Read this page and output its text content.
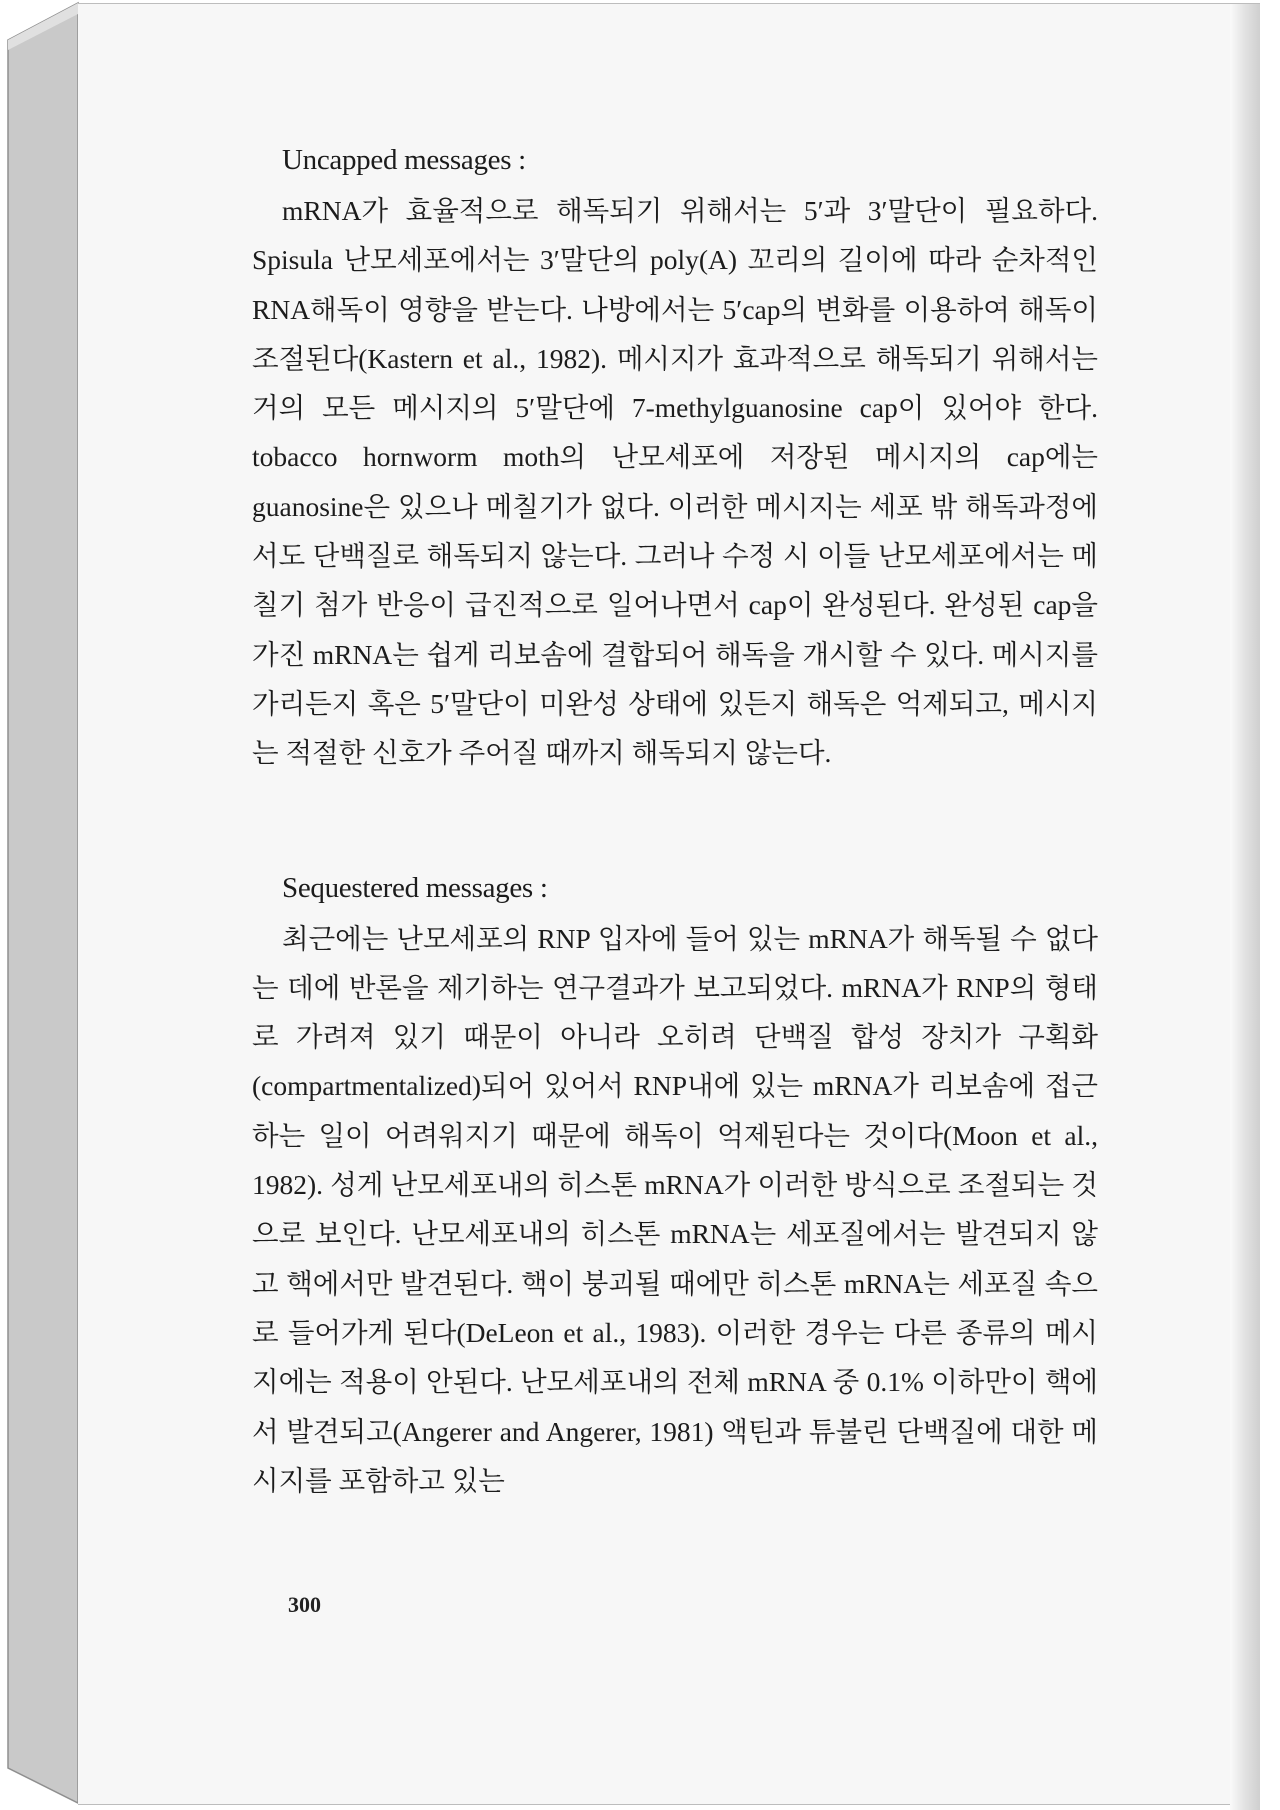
Uncapped messages :

mRNA가 효율적으로 해독되기 위해서는 5′과 3′말단이 필요하다. Spisula 난모세포에서는 3′말단의 poly(A) 꼬리의 길이에 따라 순차적인 RNA해독이 영향을 받는다. 나방에서는 5′cap의 변화를 이용하여 해독이 조절된다(Kastern et al., 1982). 메시지가 효과적으로 해독되기 위해서는 거의 모든 메시지의 5′말단에 7-methylguanosine cap이 있어야 한다. tobacco hornworm moth의 난모세포에 저장된 메시지의 cap에는 guanosine은 있으나 메칠기가 없다. 이러한 메시지는 세포 밖 해독과정에서도 단백질로 해독되지 않는다. 그러나 수정 시 이들 난모세포에서는 메칠기 첨가 반응이 급진적으로 일어나면서 cap이 완성된다. 완성된 cap을 가진 mRNA는 쉽게 리보솜에 결합되어 해독을 개시할 수 있다. 메시지를 가리든지 혹은 5′말단이 미완성 상태에 있든지 해독은 억제되고, 메시지는 적절한 신호가 주어질 때까지 해독되지 않는다.

Sequestered messages :

최근에는 난모세포의 RNP 입자에 들어 있는 mRNA가 해독될 수 없다는 데에 반론을 제기하는 연구결과가 보고되었다. mRNA가 RNP의 형태로 가려져 있기 때문이 아니라 오히려 단백질 합성 장치가 구획화(compartmentalized)되어 있어서 RNP내에 있는 mRNA가 리보솜에 접근하는 일이 어려워지기 때문에 해독이 억제된다는 것이다(Moon et al., 1982). 성게 난모세포내의 히스톤 mRNA가 이러한 방식으로 조절되는 것으로 보인다. 난모세포내의 히스톤 mRNA는 세포질에서는 발견되지 않고 핵에서만 발견된다. 핵이 붕괴될 때에만 히스톤 mRNA는 세포질 속으로 들어가게 된다(DeLeon et al., 1983). 이러한 경우는 다른 종류의 메시지에는 적용이 안된다. 난모세포내의 전체 mRNA 중 0.1% 이하만이 핵에서 발견되고(Angerer and Angerer, 1981) 액틴과 튜불린 단백질에 대한 메시지를 포함하고 있는

300
